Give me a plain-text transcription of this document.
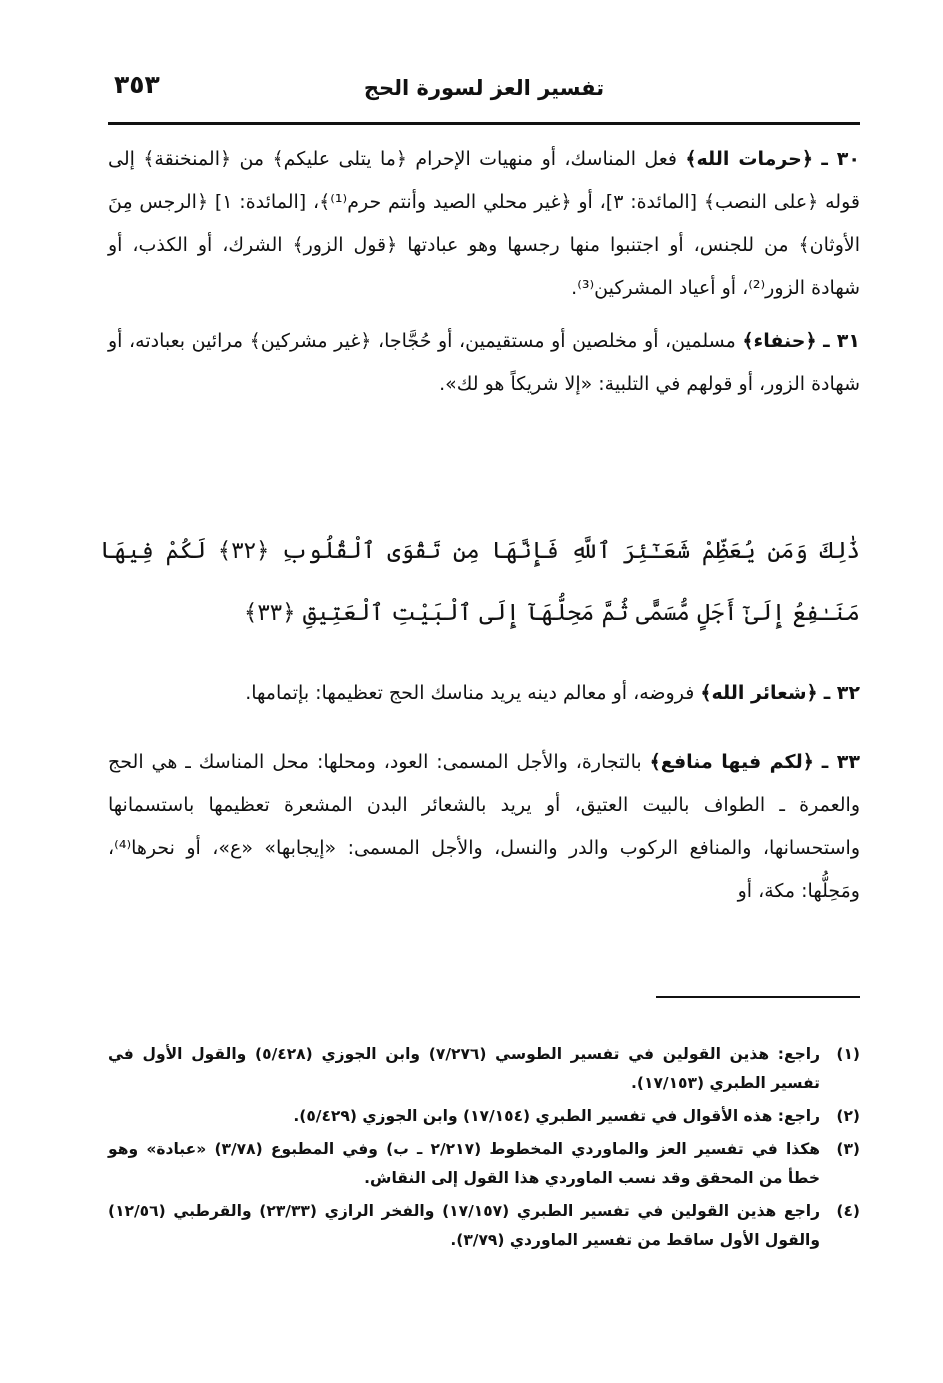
٣٥٣	تفسير العز لسورة الحج

٣٠ ـ ﴿حرمات الله﴾ فعل المناسك، أو منهيات الإحرام ﴿ما يتلى عليكم﴾ من ﴿المنخنقة﴾ إلى قوله ﴿على النصب﴾ [المائدة: ٣]، أو ﴿غير محلي الصيد وأنتم حرم⁽¹⁾﴾، [المائدة: ١] ﴿الرجس مِنَ الأوثان﴾ من للجنس، أو اجتنبوا منها رجسها وهو عبادتها ﴿قول الزور﴾ الشرك، أو الكذب، أو شهادة الزور⁽²⁾، أو أعياد المشركين⁽³⁾.

٣١ ـ ﴿حنفاء﴾ مسلمين، أو مخلصين أو مستقيمين، أو حُجَّاجا، ﴿غير مشركين﴾ مرائين بعبادته، أو شهادة الزور، أو قولهم في التلبية: «إلا شريكاً هو لك».

ذَٰلِكَ وَمَن يُعَظِّمْ شَعَـٰٓئِرَ ٱللَّهِ فَإِنَّهَا مِن تَقْوَى ٱلْقُلُوبِ ﴿٣٢﴾ لَكُمْ فِيهَا مَنَـٰفِعُ إِلَىٰٓ أَجَلٍ مُّسَمًّى ثُمَّ مَحِلُّهَآ إِلَى ٱلْبَيْتِ ٱلْعَتِيقِ ﴿٣٣﴾

٣٢ ـ ﴿شعائر الله﴾ فروضه، أو معالم دينه يريد مناسك الحج تعظيمها: بإتمامها.

٣٣ ـ ﴿لكم فيها منافع﴾ بالتجارة، والأجل المسمى: العود، ومحلها: محل المناسك ـ هي الحج والعمرة ـ الطواف بالبيت العتيق، أو يريد بالشعائر البدن المشعرة تعظيمها باستسمانها واستحسانها، والمنافع الركوب والدر والنسل، والأجل المسمى: «إيجابها» «ع»، أو نحرها⁽⁴⁾، ومَحِلُّها: مكة، أو

(١)
راجع: هذين القولين في تفسير الطوسي (٧/٢٧٦) وابن الجوزي (٥/٤٢٨) والقول الأول في تفسير الطبري (١٧/١٥٣).
(٢)
راجع: هذه الأقوال في تفسير الطبري (١٧/١٥٤) وابن الجوزي (٥/٤٢٩).
(٣)
هكذا في تفسير العز والماوردي المخطوط (٢/٢١٧ ـ ب) وفي المطبوع (٣/٧٨) «عبادة» وهو خطأ من المحقق وقد نسب الماوردي هذا القول إلى النقاش.
(٤)
راجع هذين القولين في تفسير الطبري (١٧/١٥٧) والفخر الرازي (٢٣/٣٣) والقرطبي (١٢/٥٦) والقول الأول ساقط من تفسير الماوردي (٣/٧٩).
